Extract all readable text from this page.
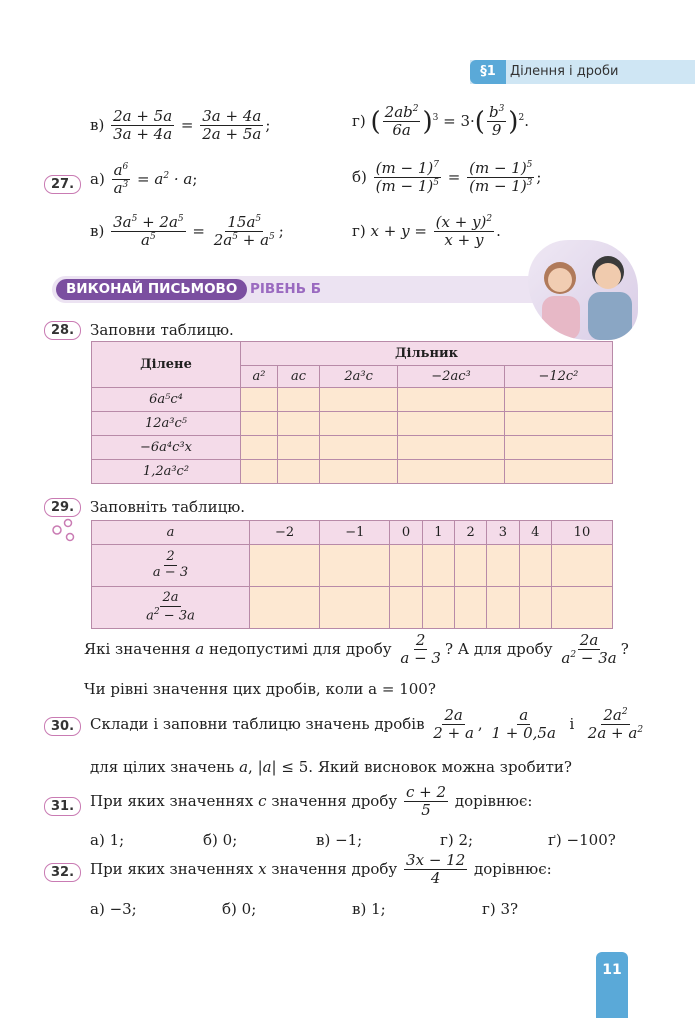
§1	Ділення і дроби
$в) \frac{2a + 5a}{3a + 4a} = \frac{3a + 4a}{2a + 5a}$ ;	г) ( $\frac{2ab^2}{6a} )^3 = 3\cdot( \frac{b^3}{9} )^2$.
27.	$а) \frac{a^6}{a^3} = a^2 \cdot a$;	$б) \frac{(m - 1)^7}{(m - 1)^5} = \frac{(m - 1)^5}{(m - 1)^3}$ ;
$в) \frac{3a^5 + 2a^5}{a^5} = \frac{15a^5}{2a^5 + a^5}$ ;	г) $x + y = \frac{(x + y)^2}{x + y}$ .
ВИКОНАЙ ПИСЬМОВО РІВЕНЬ Б
28.	Заповни таблицю.
Ділене	Дільник				
	a²	ac	2a³c	−2ac³	−12c²
6a⁵c⁴					
12a³c⁵					
−6a⁴c³x					
1,2a³c²					
29.	Заповніть таблицю.
a	−2	−1	0	1	2	3	4	10

$\frac{2}{a - 3}$

$\frac{2a}{a^2 - 3a}$

Які значення a недопустимі для дробу $\frac{2}{a - 3}$ ? А для дробу $\frac{2a}{a^2 - 3a}$ ?
Чи рівні значення цих дробів, коли a = 100?
30.	Склади і заповни таблицю значень дробів $\frac{2a}{2 + a}$ , $\frac{a}{1 + 0,5a}$ і $\frac{2a^2}{2a + a^2}$
для цілих значень a, |a| ≤ 5. Який висновок можна зробити?
31.	При яких значеннях c значення дробу $\frac{c + 2}{5}$ дорівнює:
а) 1;	б) 0;	в) −1;	г) 2;	ґ) −100?
32.	При яких значеннях x значення дробу $\frac{3x - 12}{4}$ дорівнює:
а) −3;	б) 0;	в) 1;	г) 3?
11
